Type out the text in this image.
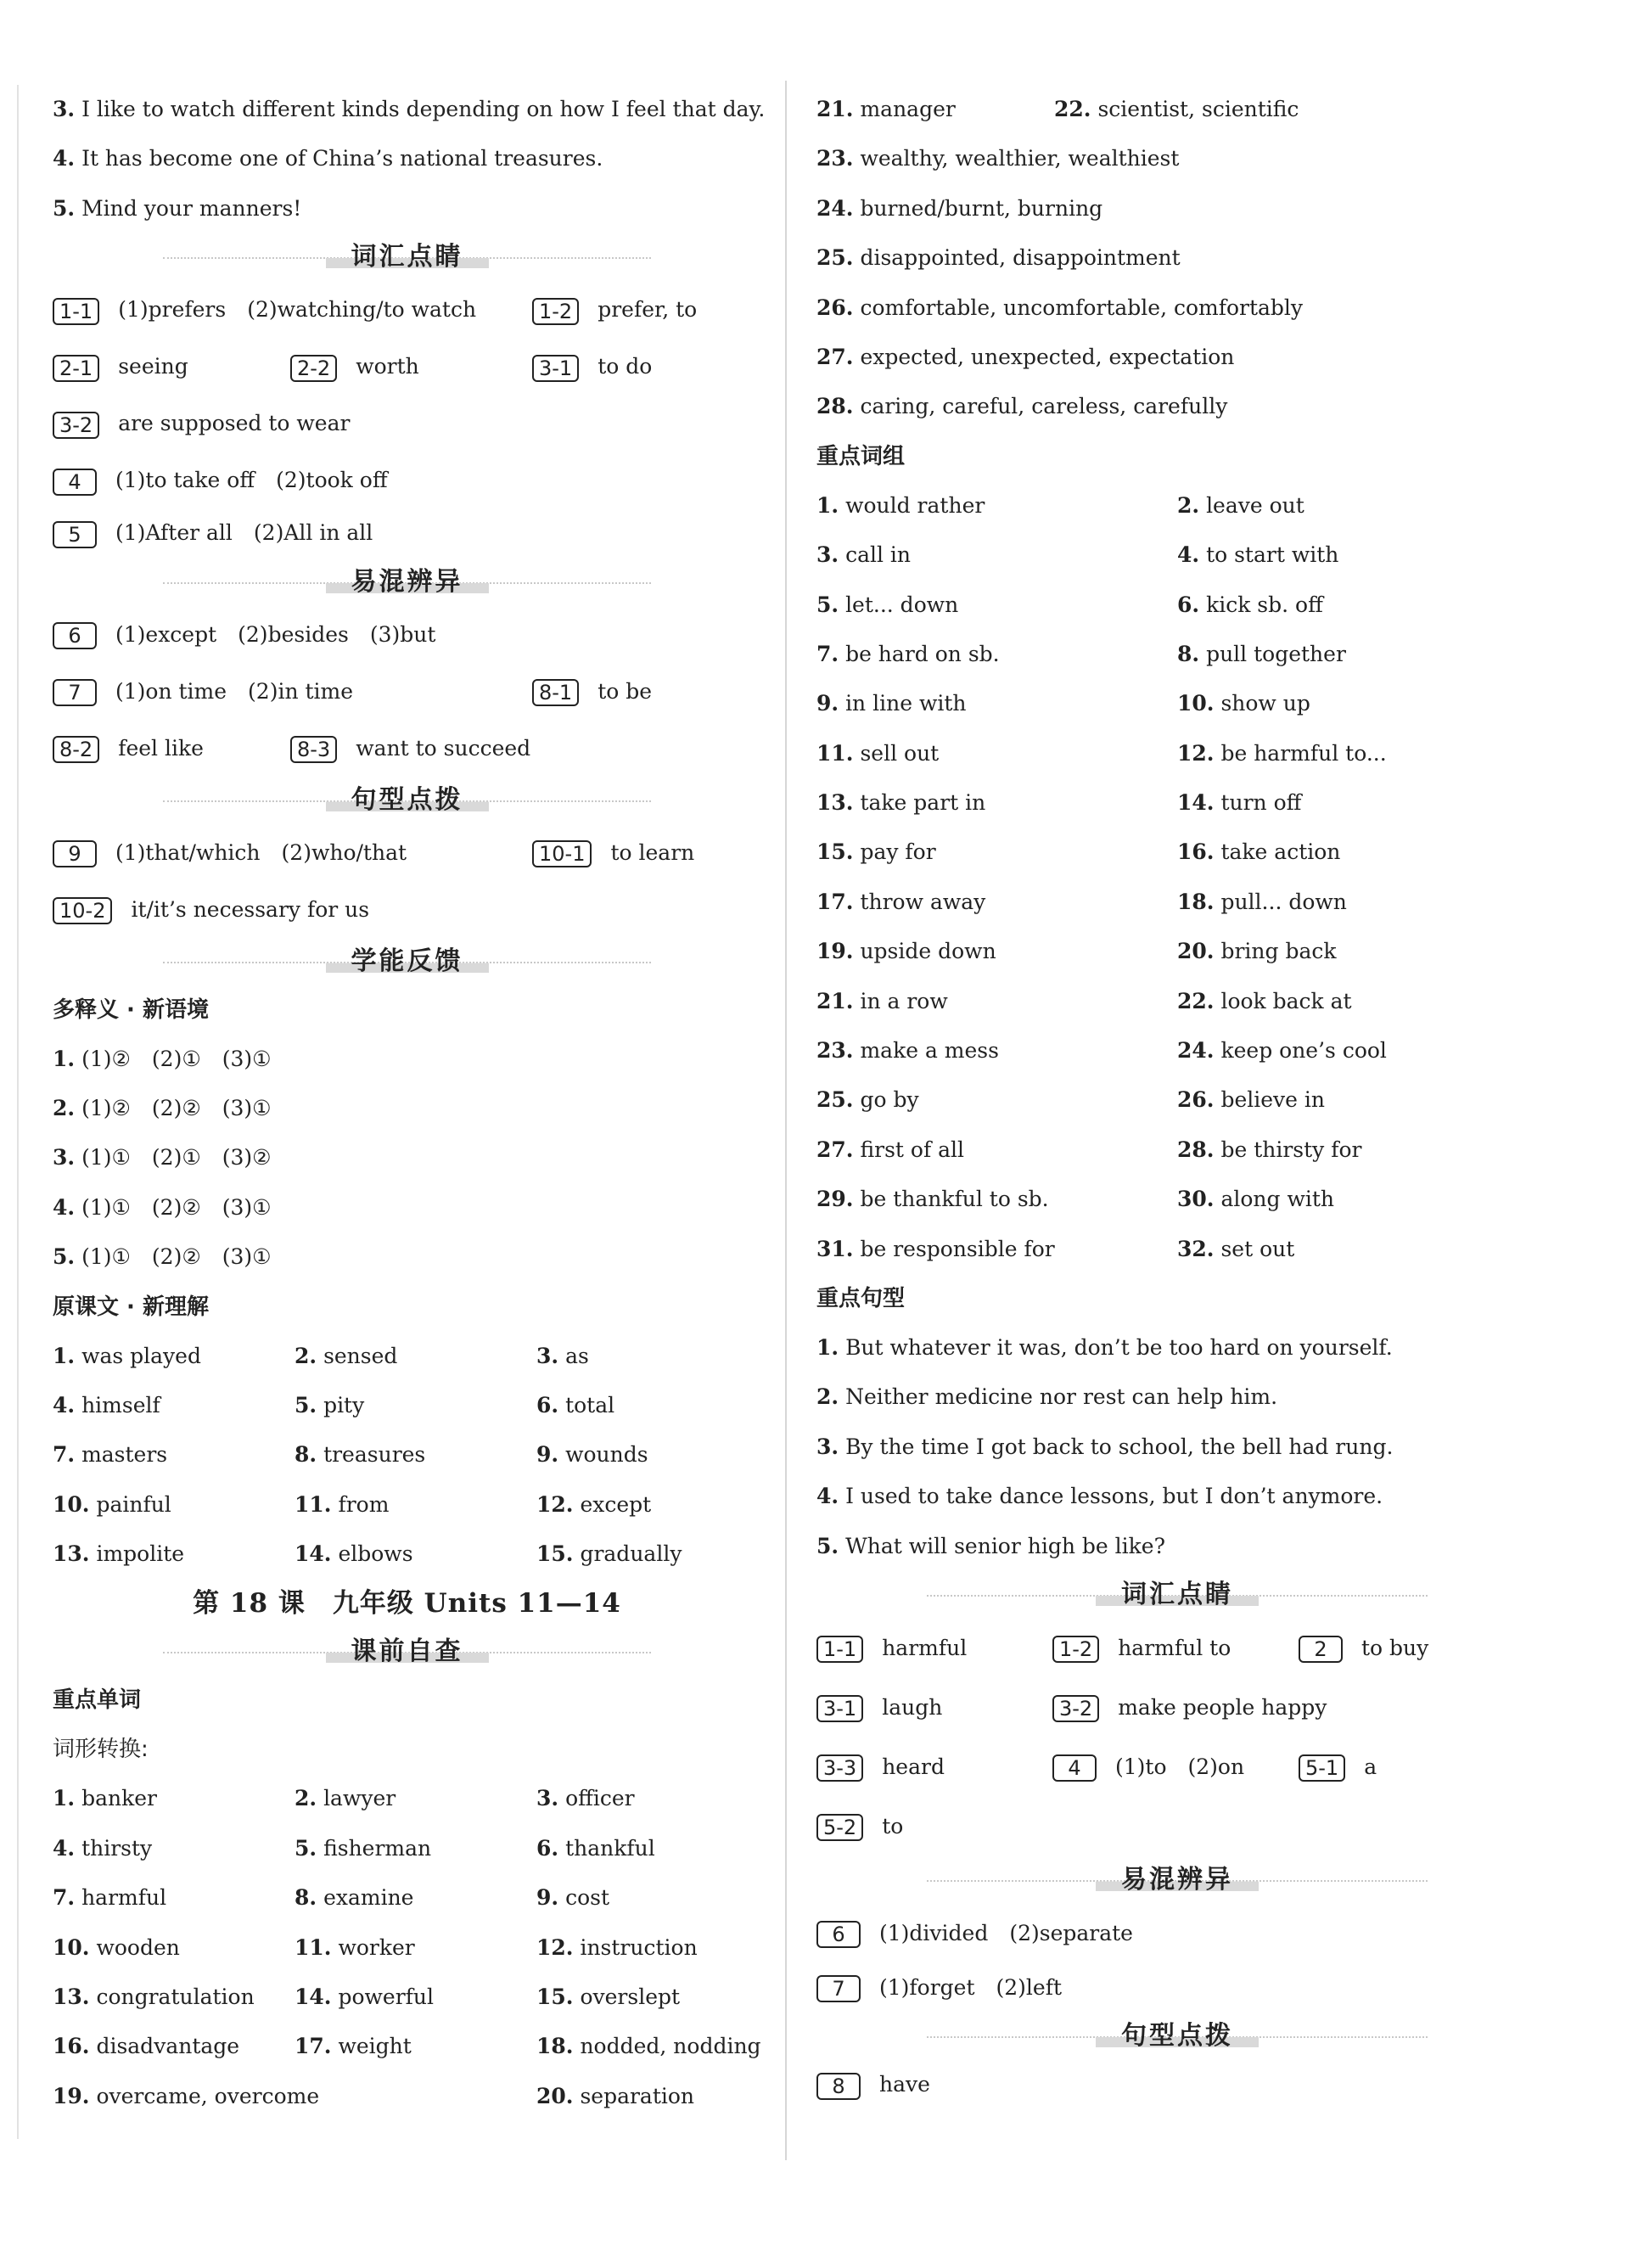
3. I like to watch different kinds depending on how I feel that day.
4. It has become one of China’s national treasures.
5. Mind your manners!
词汇点睛
1-1 (1)prefers　(2)watching/to watch	1-2 prefer, to
2-1 seeing	2-2 worth	3-1 to do
3-2 are supposed to wear
4 (1)to take off　(2)took off
5 (1)After all　(2)All in all
易混辨异
6 (1)except　(2)besides　(3)but
7 (1)on time　(2)in time	8-1 to be
8-2 feel like	8-3 want to succeed
句型点拨
9 (1)that/which　(2)who/that	10-1 to learn
10-2 it/it’s necessary for us
学能反馈
多释义 · 新语境
1. (1)②　 (2)①　 (3)①
2. (1)②　 (2)②　 (3)①
3. (1)①　 (2)①　 (3)②
4. (1)①　 (2)②　 (3)①
5. (1)①　 (2)②　 (3)①
原课文 · 新理解
1. was played	2. sensed	3. as
4. himself	5. pity	6. total
7. masters	8. treasures	9. wounds
10. painful	11. from	12. except
13. impolite	14. elbows	15. gradually
第 18 课　九年级 Units 11—14
课前自查
重点单词
词形转换:
1. banker	2. lawyer	3. officer
4. thirsty	5. fisherman	6. thankful
7. harmful	8. examine	9. cost
10. wooden	11. worker	12. instruction
13. congratulation 14. powerful	15. overslept
16. disadvantage	17. weight	18. nodded, nodding
19. overcame, overcome	20. separation
21. manager	22. scientist, scientific
23. wealthy, wealthier, wealthiest
24. burned/burnt, burning
25. disappointed, disappointment
26. comfortable, uncomfortable, comfortably
27. expected, unexpected, expectation
28. caring, careful, careless, carefully
重点词组
1. would rather	2. leave out
3. call in	4. to start with
5. let... down	6. kick sb. off
7. be hard on sb.	8. pull together
9. in line with	10. show up
11. sell out	12. be harmful to...
13. take part in	14. turn off
15. pay for	16. take action
17. throw away	18. pull... down
19. upside down	20. bring back
21. in a row	22. look back at
23. make a mess	24. keep one’s cool
25. go by	26. believe in
27. first of all	28. be thirsty for
29. be thankful to sb.	30. along with
31. be responsible for	32. set out
重点句型
1. But whatever it was, don’t be too hard on yourself.
2. Neither medicine nor rest can help him.
3. By the time I got back to school, the bell had rung.
4. I used to take dance lessons, but I don’t anymore.
5. What will senior high be like?
词汇点睛
1-1 harmful	1-2 harmful to	2 to buy
3-1 laugh	3-2 make people happy
3-3 heard	4 (1)to　(2)on	5-1 a
5-2 to
易混辨异
6 (1)divided　(2)separate
7 (1)forget　(2)left
句型点拨
8 have
